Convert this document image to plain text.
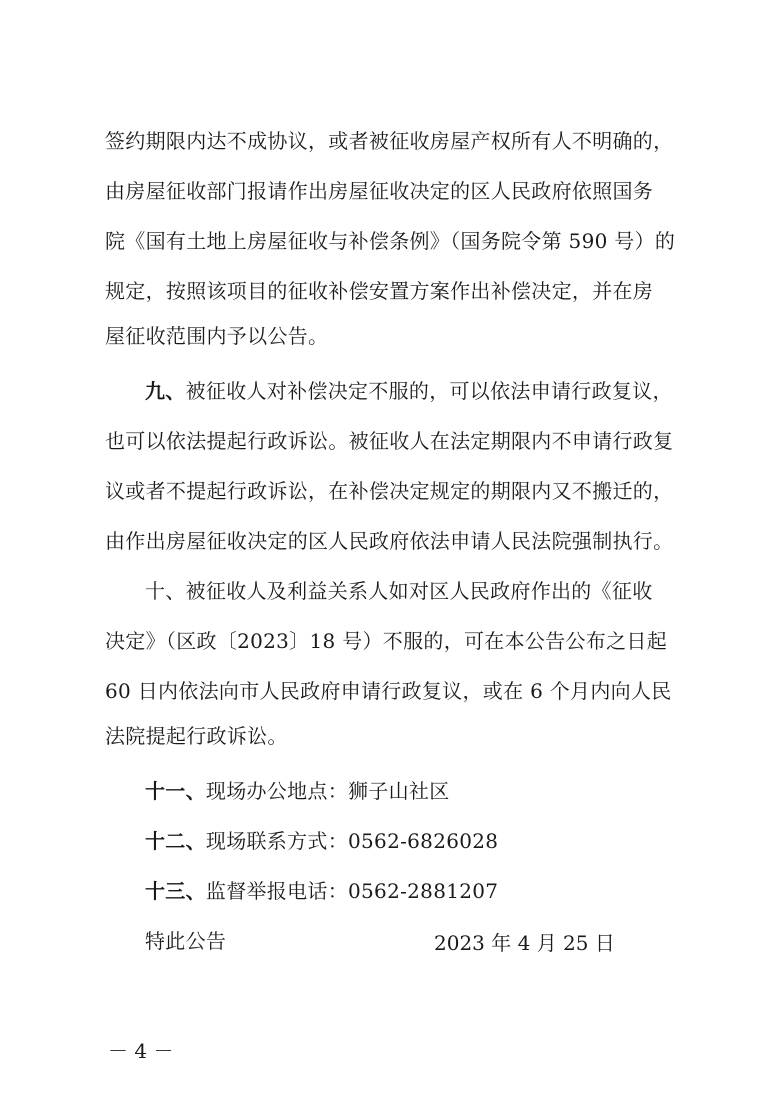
签约期限内达不成协议，或者被征收房屋产权所有人不明确的，
由房屋征收部门报请作出房屋征收决定的区人民政府依照国务
院《国有土地上房屋征收与补偿条例》（国务院令第 590 号）的
规定，按照该项目的征收补偿安置方案作出补偿决定，并在房
屋征收范围内予以公告。
九、被征收人对补偿决定不服的，可以依法申请行政复议，
也可以依法提起行政诉讼。被征收人在法定期限内不申请行政复
议或者不提起行政诉讼，在补偿决定规定的期限内又不搬迁的，
由作出房屋征收决定的区人民政府依法申请人民法院强制执行。
十、被征收人及利益关系人如对区人民政府作出的《征收
决定》（区政〔2023〕18 号）不服的，可在本公告公布之日起
60 日内依法向市人民政府申请行政复议，或在 6 个月内向人民
法院提起行政诉讼。
十一、现场办公地点：狮子山社区
十二、现场联系方式：0562-6826028
十三、监督举报电话：0562-2881207
特此公告	2023 年 4 月 25 日
－ 4 －
